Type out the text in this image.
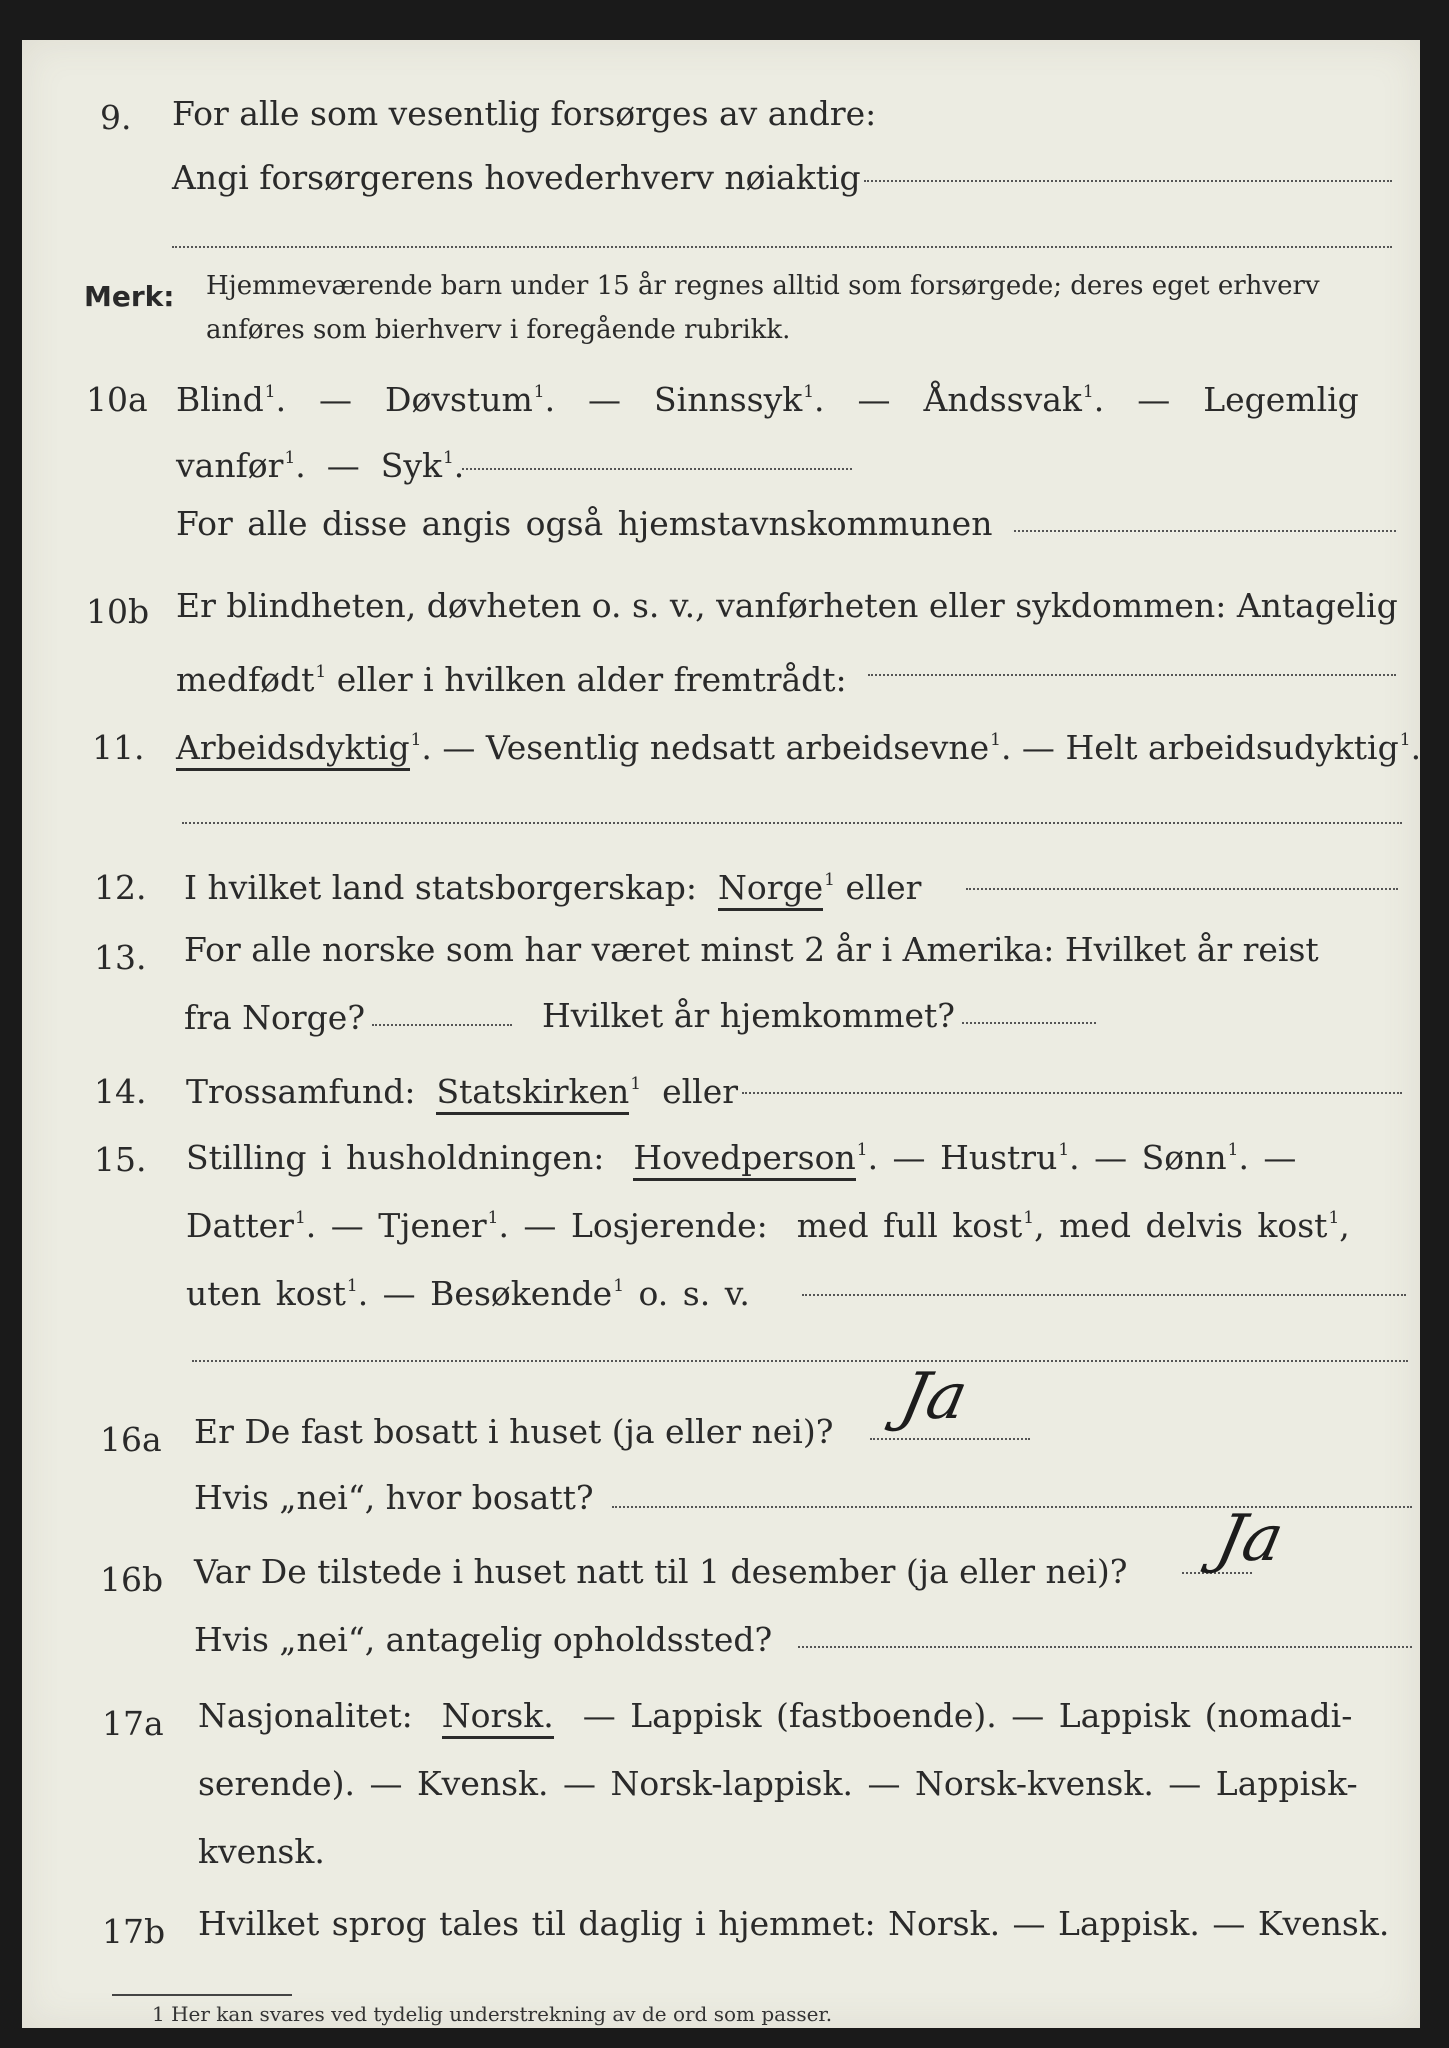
9. For alle som vesentlig forsørges av andre:
Angi forsørgerens hovederhverv nøiaktig
Merk: Hjemmeværende barn under 15 år regnes alltid som forsørgede; deres eget erhverv
anføres som bierhverv i foregående rubrikk.
10a Blind$^1$.  —  Døvstum$^1$.  —  Sinnssyk$^1$.  —  Åndssvak$^1$.  —  Legemlig
vanfør$^1$.  —  Syk$^1$.
For alle disse angis også hjemstavnskommunen
10b Er blindheten, døvheten o. s. v., vanførheten eller sykdommen: Antagelig
medfødt$^1$ eller i hvilken alder fremtrådt:
11. Arbeidsdyktig$^1$. — Vesentlig nedsatt arbeidsevne$^1$. — Helt arbeidsudyktig$^1$.
12. I hvilket land statsborgerskap: Norge$^1$ eller
13. For alle norske som har været minst 2 år i Amerika: Hvilket år reist
fra Norge?	Hvilket år hjemkommet?
14. Trossamfund: Statskirken$^1$ eller
15. Stilling i husholdningen: Hovedperson$^1$. — Hustru$^1$. — Sønn$^1$. —
Datter$^1$. — Tjener$^1$. — Losjerende: med full kost$^1$, med delvis kost$^1$,
uten kost$^1$. — Besøkende$^1$ o. s. v.
16a Er De fast bosatt i huset (ja eller nei)? Ja
Hvis „nei“, hvor bosatt?
16b Var De tilstede i huset natt til 1 desember (ja eller nei)? Ja
Hvis „nei“, antagelig opholdssted?
17a Nasjonalitet: Norsk.  — Lappisk (fastboende). — Lappisk (nomadi-
serende). — Kvensk. — Norsk-lappisk. — Norsk-kvensk. — Lappisk-
kvensk.
17b Hvilket sprog tales til daglig i hjemmet: Norsk. — Lappisk. — Kvensk.
1 Her kan svares ved tydelig understrekning av de ord som passer.
